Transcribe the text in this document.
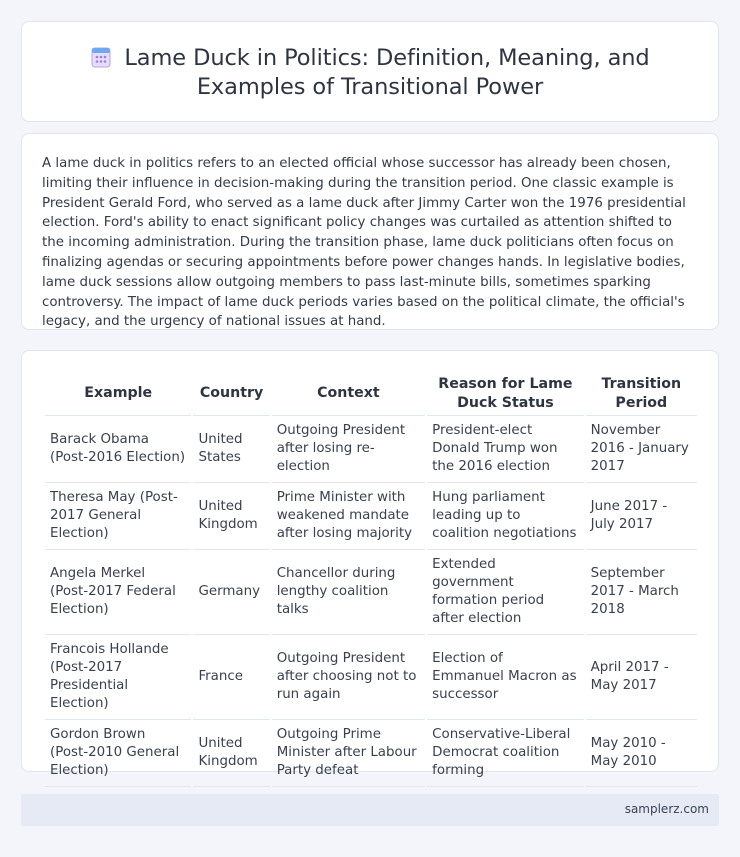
Lame Duck in Politics: Definition, Meaning, and Examples of Transitional Power

A lame duck in politics refers to an elected official whose successor has already been chosen, limiting their influence in decision-making during the transition period. One classic example is President Gerald Ford, who served as a lame duck after Jimmy Carter won the 1976 presidential election. Ford's ability to enact significant policy changes was curtailed as attention shifted to the incoming administration. During the transition phase, lame duck politicians often focus on finalizing agendas or securing appointments before power changes hands. In legislative bodies, lame duck sessions allow outgoing members to pass last-minute bills, sometimes sparking controversy. The impact of lame duck periods varies based on the political climate, the official's legacy, and the urgency of national issues at hand.

Example	Country	Context	Reason for Lame Duck Status	Transition Period
Barack Obama (Post-2016 Election)	United States	Outgoing President after losing re-election	President-elect Donald Trump won the 2016 election	November 2016 - January 2017
Theresa May (Post-2017 General Election)	United Kingdom	Prime Minister with weakened mandate after losing majority	Hung parliament leading up to coalition negotiations	June 2017 - July 2017
Angela Merkel (Post-2017 Federal Election)	Germany	Chancellor during lengthy coalition talks	Extended government formation period after election	September 2017 - March 2018
Francois Hollande (Post-2017 Presidential Election)	France	Outgoing President after choosing not to run again	Election of Emmanuel Macron as successor	April 2017 - May 2017
Gordon Brown (Post-2010 General Election)	United Kingdom	Outgoing Prime Minister after Labour Party defeat	Conservative-Liberal Democrat coalition forming	May 2010 - May 2010
samplerz.com
